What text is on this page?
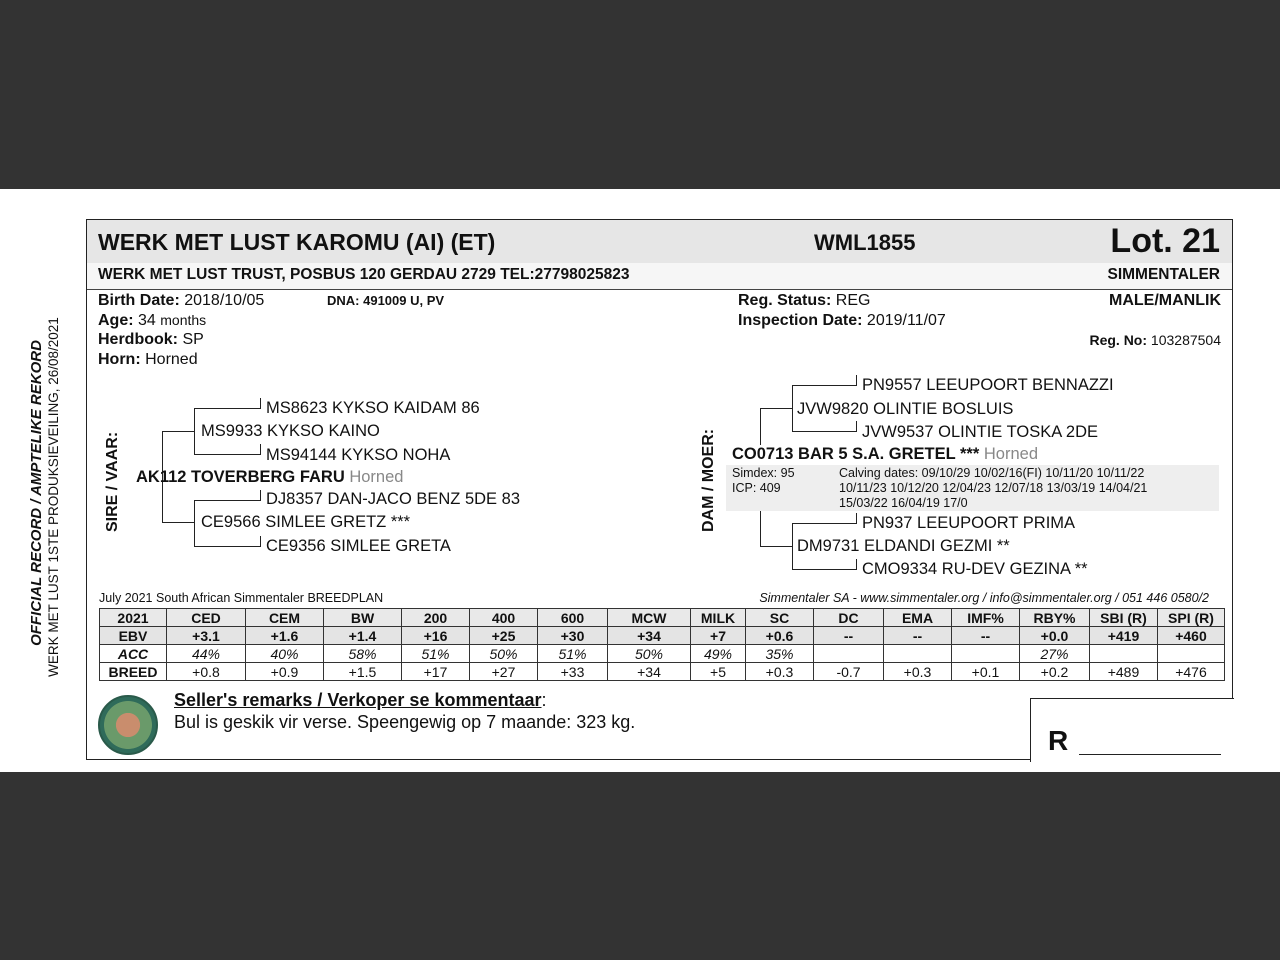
OFFICIAL RECORD / AMPTELIKE REKORD WERK MET LUST 1STE PRODUKSIEVEILING, 26/08/2021
WERK MET LUST KAROMU (AI) (ET)	WML1855	Lot. 21
WERK MET LUST TRUST, POSBUS 120 GERDAU 2729 TEL:27798025823	SIMMENTALER
Birth Date: 2018/10/05	DNA: 491009 U, PV
Age: 34 months
Herdbook: SP
Horn: Horned
Reg. Status: REG
Inspection Date: 2019/11/07
MALE/MANLIK
Reg. No: 103287504
SIRE / VAAR:
MS8623 KYKSO KAIDAM 86
MS9933 KYKSO KAINO
MS94144 KYKSO NOHA
AK112 TOVERBERG FARU Horned
DJ8357 DAN-JACO BENZ 5DE 83
CE9566 SIMLEE GRETZ ***
CE9356 SIMLEE GRETA
DAM / MOER:
PN9557 LEEUPOORT BENNAZZI
JVW9820 OLINTIE BOSLUIS
JVW9537 OLINTIE TOSKA 2DE
CO0713 BAR 5 S.A. GRETEL *** Horned
Simdex: 95
ICP: 409
Calving dates: 09/10/29 10/02/16(FI) 10/11/20 10/11/22
10/11/23 10/12/20 12/04/23 12/07/18 13/03/19 14/04/21
15/03/22 16/04/19 17/0
PN937 LEEUPOORT PRIMA
DM9731 ELDANDI GEZMI **
CMO9334 RU-DEV GEZINA **
July 2021 South African Simmentaler BREEDPLAN	Simmentaler SA - www.simmentaler.org / info@simmentaler.org / 051 446 0580/2
2021	CED	CEM	BW	200	400	600	MCW	MILK	SC	DC	EMA	IMF%	RBY%	SBI (R)	SPI (R)
EBV	+3.1	+1.6	+1.4	+16	+25	+30	+34	+7	+0.6	--	--	--	+0.0	+419	+460
ACC	44%	40%	58%	51%	50%	51%	50%	49%	35%				27%		
BREED	+0.8	+0.9	+1.5	+17	+27	+33	+34	+5	+0.3	-0.7	+0.3	+0.1	+0.2	+489	+476
Seller's remarks / Verkoper se kommentaar:
Bul is geskik vir verse. Speengewig op 7 maande: 323 kg.
R
